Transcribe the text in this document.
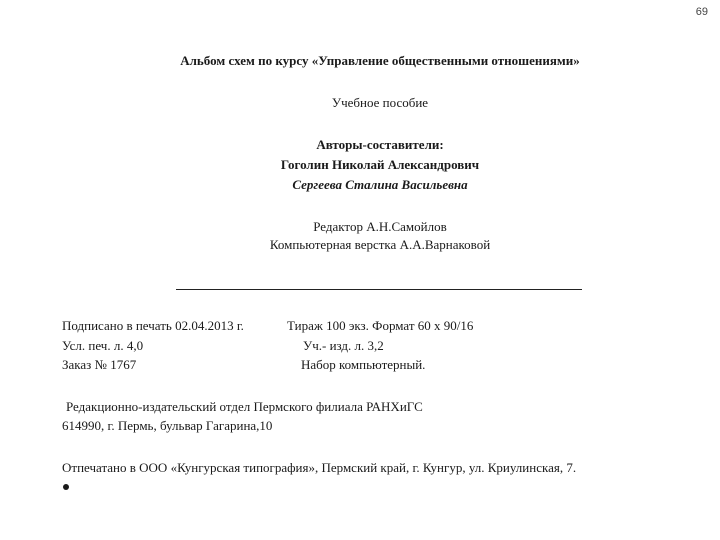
69
Альбом схем по курсу «Управление общественными отношениями»
Учебное пособие
Авторы-составители:
Гоголин Николай Александрович
Сергеева Сталина Васильевна
Редактор А.Н.Самойлов
Компьютерная верстка А.А.Варнаковой
Подписано в печать 02.04.2013 г.	Тираж 100 экз. Формат 60 х 90/16
Усл. печ. л. 4,0	Уч.- изд. л. 3,2
Заказ № 1767	Набор компьютерный.
Редакционно-издательский отдел Пермского филиала РАНХиГС
614990, г. Пермь, бульвар Гагарина,10
Отпечатано в ООО «Кунгурская типография», Пермский край, г. Кунгур, ул. Криулинская, 7.
